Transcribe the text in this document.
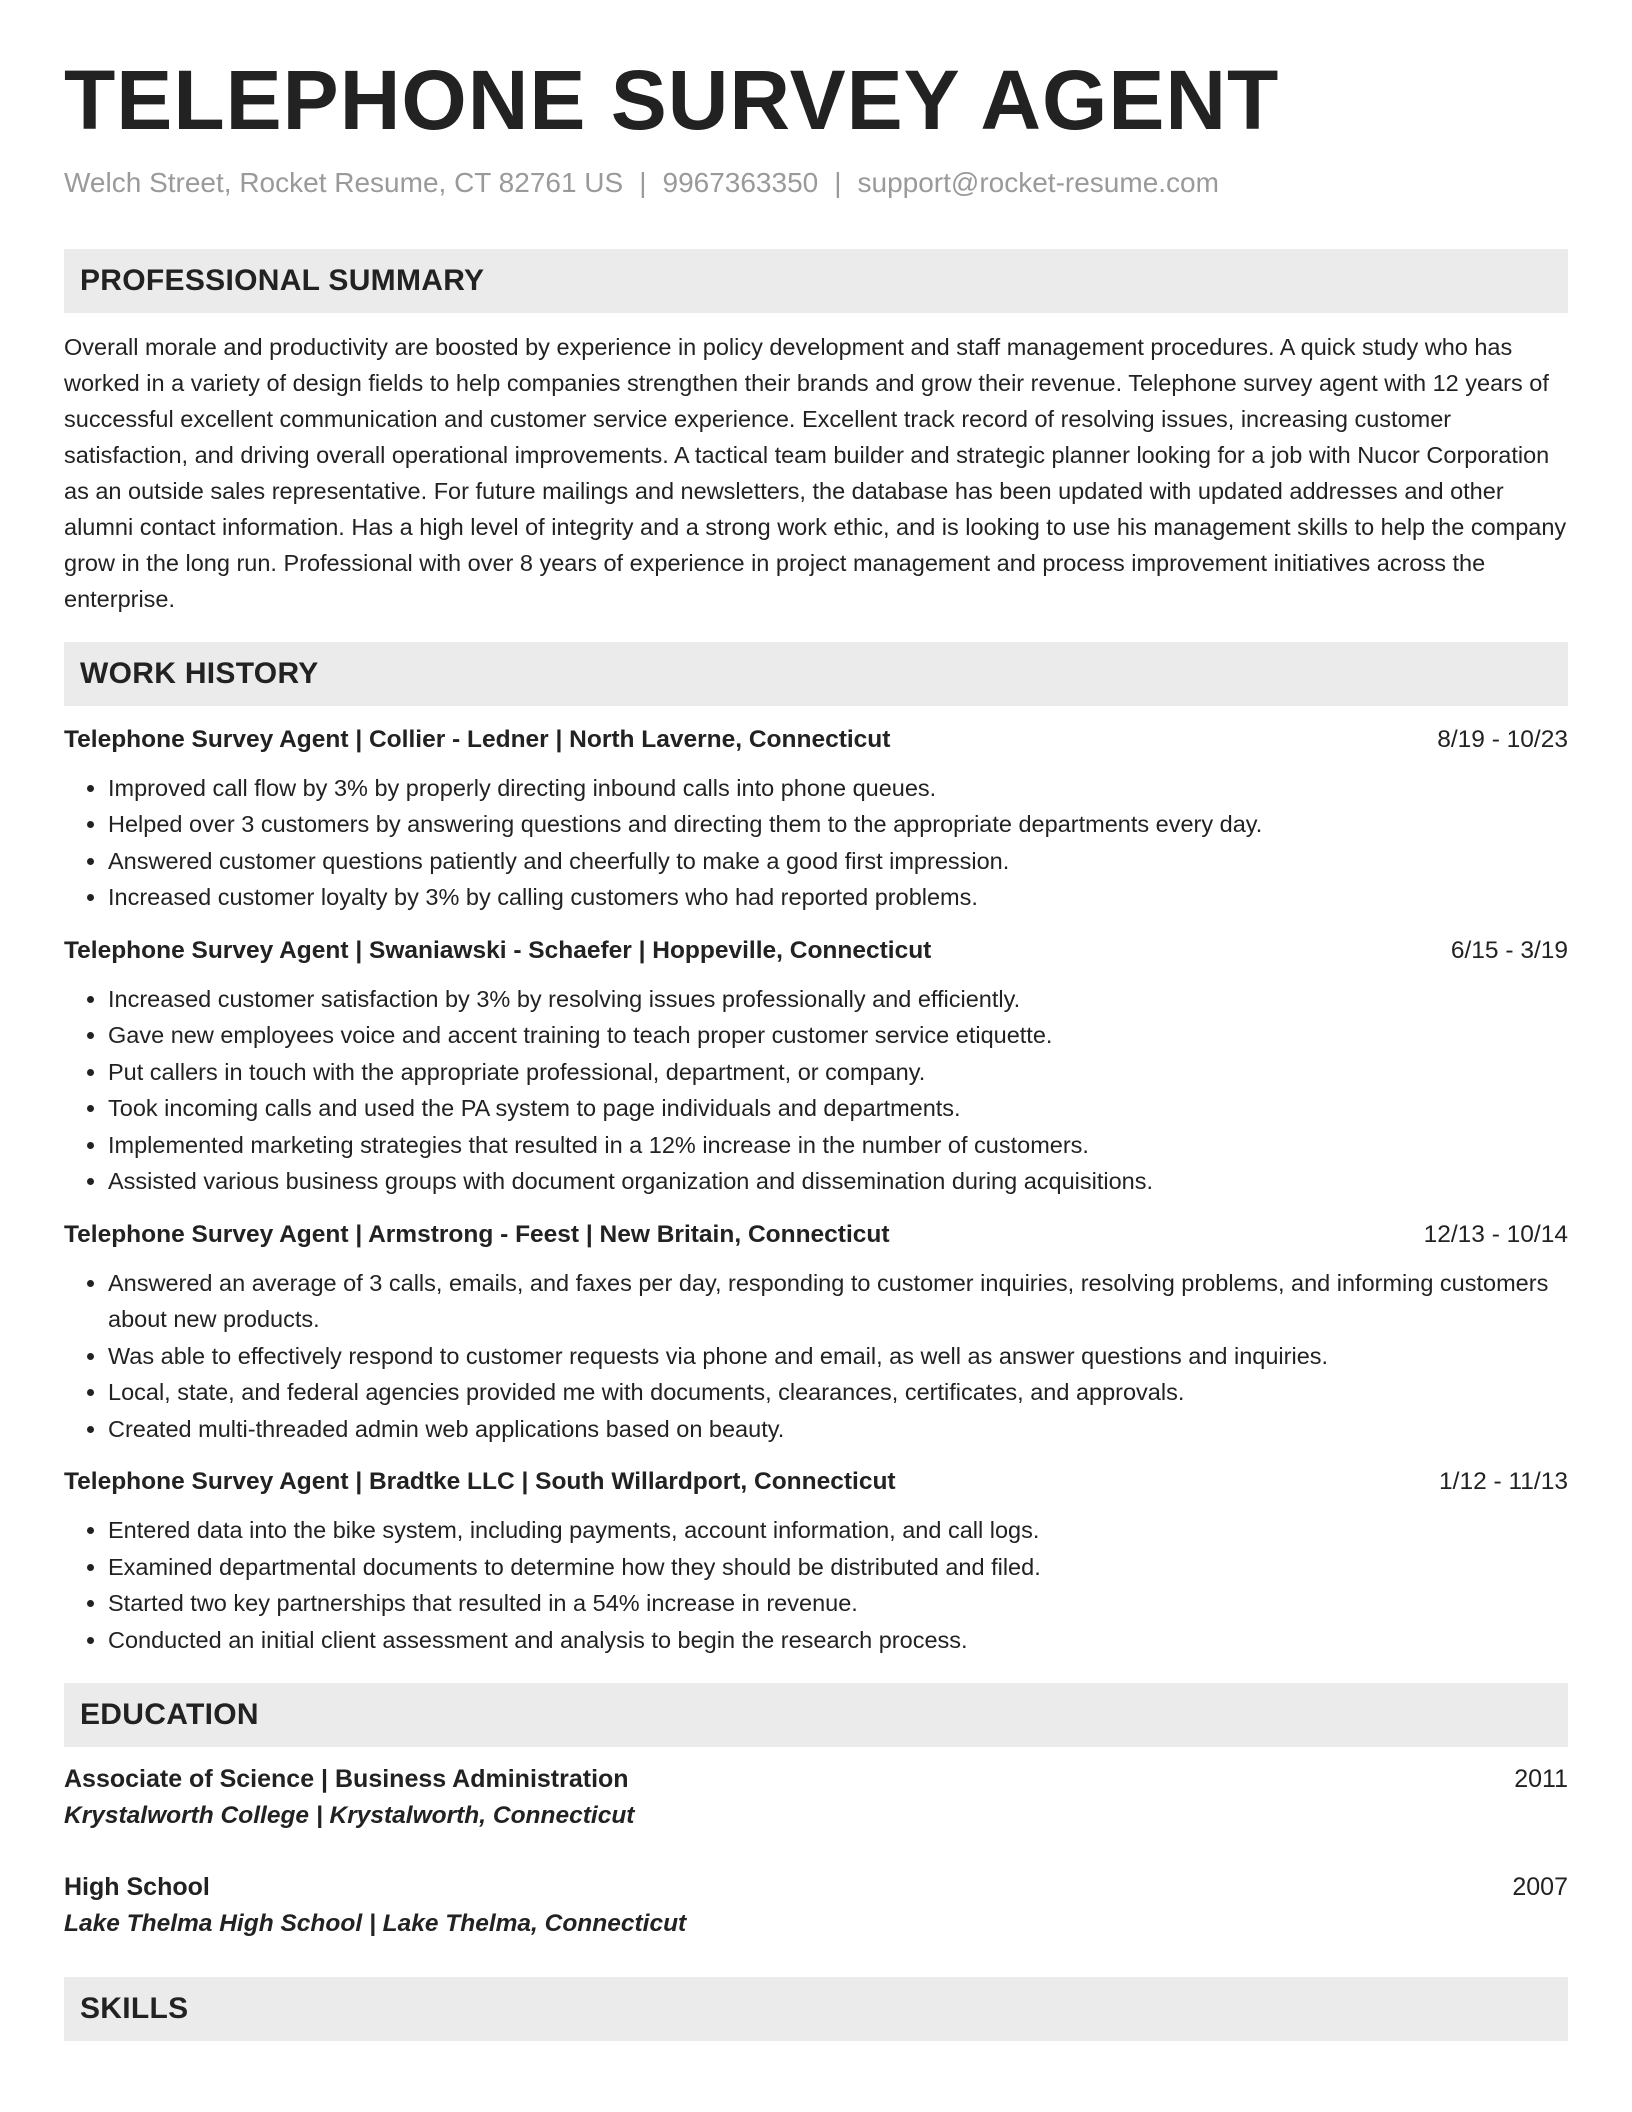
TELEPHONE SURVEY AGENT
Welch Street, Rocket Resume, CT 82761 US | 9967363350 | support@rocket-resume.com
PROFESSIONAL SUMMARY

Overall morale and productivity are boosted by experience in policy development and staff management procedures. A quick study who has worked in a variety of design fields to help companies strengthen their brands and grow their revenue. Telephone survey agent with 12 years of successful excellent communication and customer service experience. Excellent track record of resolving issues, increasing customer satisfaction, and driving overall operational improvements. A tactical team builder and strategic planner looking for a job with Nucor Corporation as an outside sales representative. For future mailings and newsletters, the database has been updated with updated addresses and other alumni contact information. Has a high level of integrity and a strong work ethic, and is looking to use his management skills to help the company grow in the long run. Professional with over 8 years of experience in project management and process improvement initiatives across the enterprise.

WORK HISTORY
Telephone Survey Agent | Collier - Ledner | North Laverne, Connecticut	8/19 - 10/23
• Improved call flow by 3% by properly directing inbound calls into phone queues.
• Helped over 3 customers by answering questions and directing them to the appropriate departments every day.
• Answered customer questions patiently and cheerfully to make a good first impression.
• Increased customer loyalty by 3% by calling customers who had reported problems.
Telephone Survey Agent | Swaniawski - Schaefer | Hoppeville, Connecticut	6/15 - 3/19
• Increased customer satisfaction by 3% by resolving issues professionally and efficiently.
• Gave new employees voice and accent training to teach proper customer service etiquette.
• Put callers in touch with the appropriate professional, department, or company.
• Took incoming calls and used the PA system to page individuals and departments.
• Implemented marketing strategies that resulted in a 12% increase in the number of customers.
• Assisted various business groups with document organization and dissemination during acquisitions.
Telephone Survey Agent | Armstrong - Feest | New Britain, Connecticut	12/13 - 10/14
• Answered an average of 3 calls, emails, and faxes per day, responding to customer inquiries, resolving problems, and informing customers about new products.
• Was able to effectively respond to customer requests via phone and email, as well as answer questions and inquiries.
• Local, state, and federal agencies provided me with documents, clearances, certificates, and approvals.
• Created multi-threaded admin web applications based on beauty.
Telephone Survey Agent | Bradtke LLC | South Willardport, Connecticut	1/12 - 11/13
• Entered data into the bike system, including payments, account information, and call logs.
• Examined departmental documents to determine how they should be distributed and filed.
• Started two key partnerships that resulted in a 54% increase in revenue.
• Conducted an initial client assessment and analysis to begin the research process.
EDUCATION
Associate of Science | Business Administration	2011
Krystalworth College | Krystalworth, Connecticut
High School	2007
Lake Thelma High School | Lake Thelma, Connecticut
SKILLS
